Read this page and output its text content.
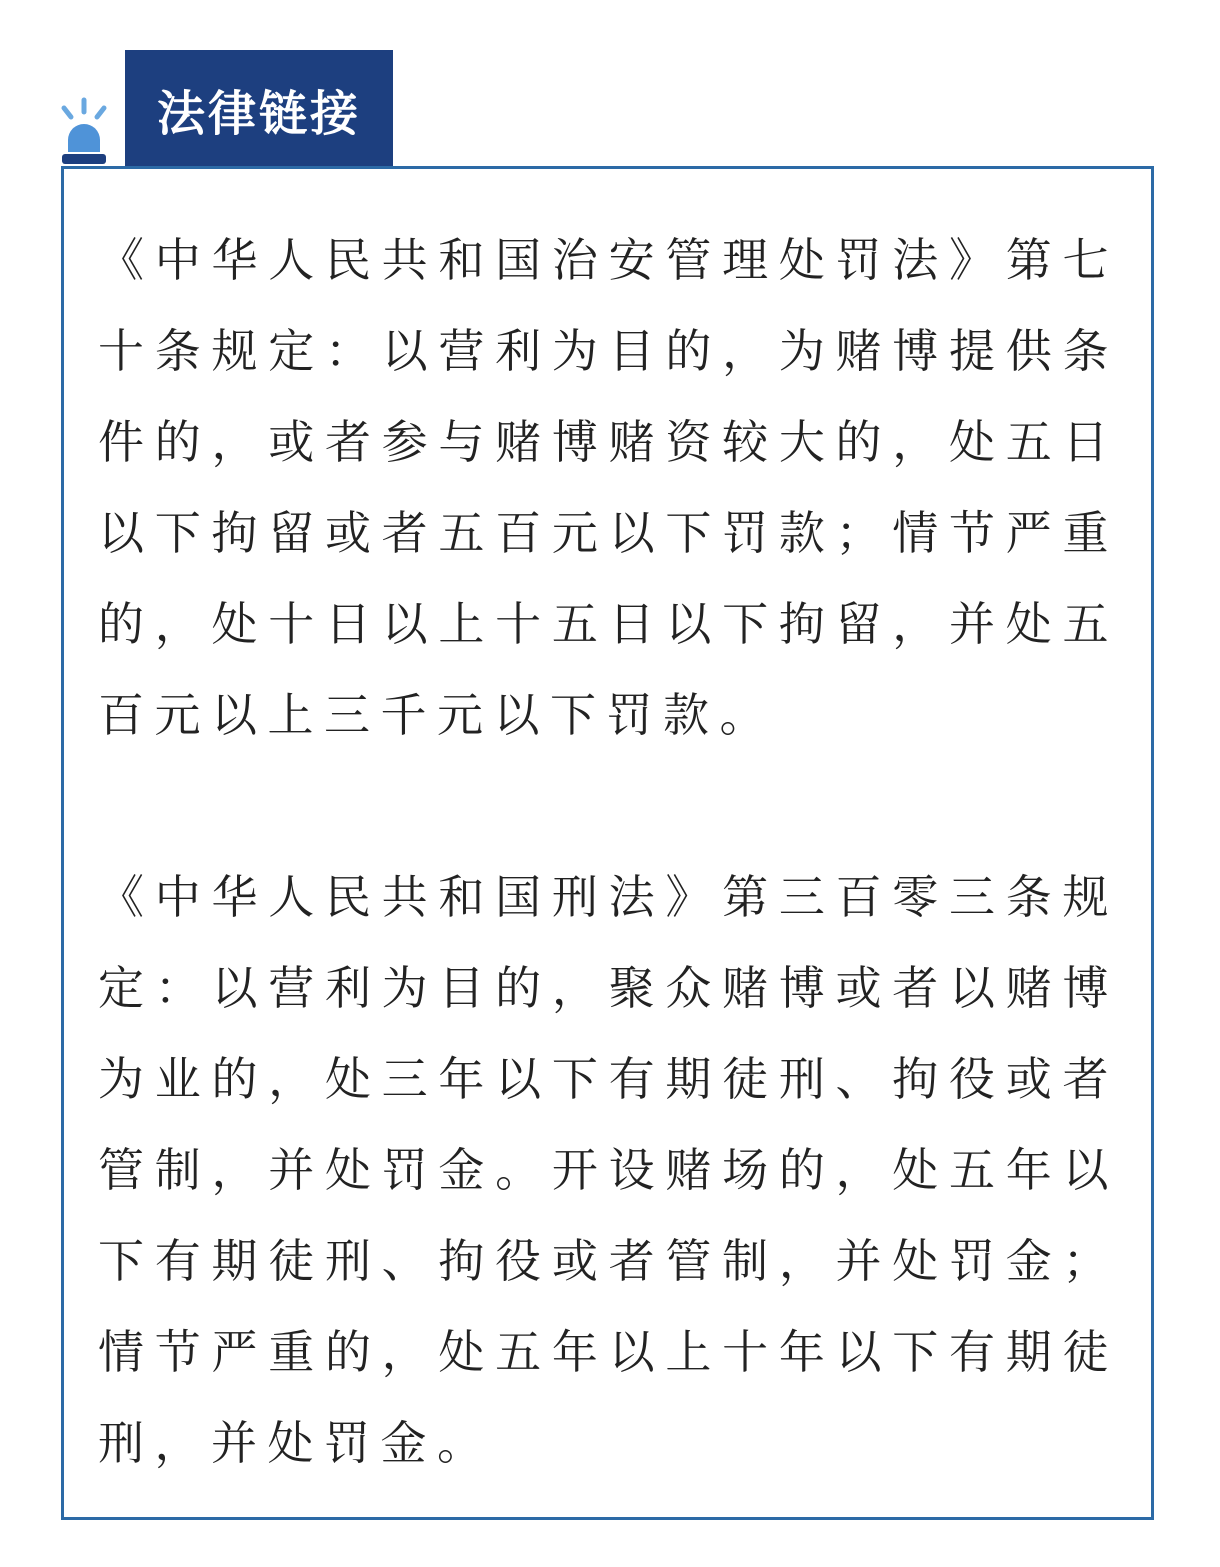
法律链接

《中华人民共和国治安管理处罚法》第七十条规定：以营利为目的，为赌博提供条件的，或者参与赌博赌资较大的，处五日以下拘留或者五百元以下罚款；情节严重的，处十日以上十五日以下拘留，并处五百元以上三千元以下罚款。

《中华人民共和国刑法》第三百零三条规定：以营利为目的，聚众赌博或者以赌博为业的，处三年以下有期徒刑、拘役或者管制，并处罚金。开设赌场的，处五年以下有期徒刑、拘役或者管制，并处罚金；情节严重的，处五年以上十年以下有期徒刑，并处罚金。
